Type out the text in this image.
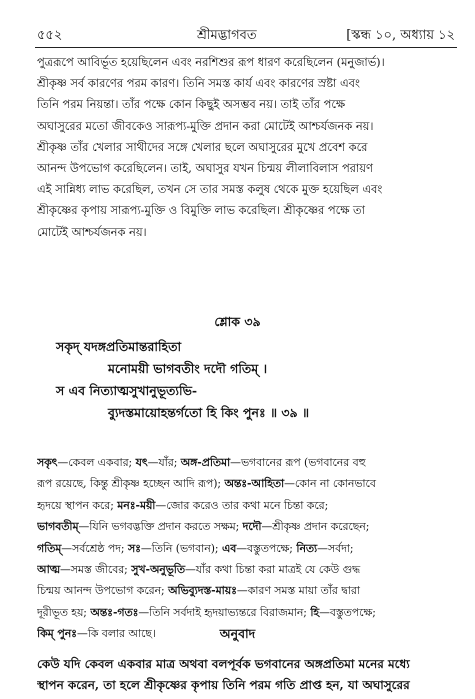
৫৫২	শ্রীমদ্ভাগবত	[স্কন্ধ ১০, অধ্যায় ১২
পুত্ররূপে আবির্ভূত হয়েছিলেন এবং নরশিশুর রূপ ধারণ করেছিলেন (মনুজার্ভ)।
শ্রীকৃষ্ণ সর্ব কারণের পরম কারণ। তিনি সমস্ত কার্য এবং কারণের স্রষ্টা এবং
তিনি পরম নিয়ন্তা। তাঁর পক্ষে কোন কিছুই অসম্ভব নয়। তাই তাঁর পক্ষে
অঘাসুরের মতো জীবকেও সারূপ্য-মুক্তি প্রদান করা মোটেই আশ্চর্যজনক নয়।
শ্রীকৃষ্ণ তাঁর খেলার সাথীদের সঙ্গে খেলার ছলে অঘাসুরের মুখে প্রবেশ করে
আনন্দ উপভোগ করেছিলেন। তাই, অঘাসুর যখন চিন্ময় লীলাবিলাস পরায়ণ
এই সান্নিধ্য লাভ করেছিল, তখন সে তার সমস্ত কলুষ থেকে মুক্ত হয়েছিল এবং
শ্রীকৃষ্ণের কৃপায় সারূপ্য-মুক্তি ও বিমুক্তি লাভ করেছিল। শ্রীকৃষ্ণের পক্ষে তা
মোটেই আশ্চর্যজনক নয়।
শ্লোক ৩৯
সকৃদ্ যদঙ্গপ্রতিমান্তরাহিতা
মনোময়ী ভাগবতীং দদৌ গতিম্ ।
স এব নিত্যাত্মসুখানুভূত্যভি-
ব্যুদস্তমায়োহন্তর্গতো হি কিং পুনঃ ॥ ৩৯ ॥
সকৃৎ—কেবল একবার; যৎ—যাঁর; অঙ্গ-প্রতিমা—ভগবানের রূপ (ভগবানের বহু
রূপ রয়েছে, কিন্তু শ্রীকৃষ্ণ হচ্ছেন আদি রূপ); অন্তঃ-আহিতা—কোন না কোনভাবে
হৃদয়ে স্থাপন করে; মনঃ-ময়ী—জোর করেও তার কথা মনে চিন্তা করে;
ভাগবতীম্—যিনি ভগবদ্ভক্তি প্রদান করতে সক্ষম; দদৌ—শ্রীকৃষ্ণ প্রদান করেছেন;
গতিম্—সর্বশ্রেষ্ঠ পদ; সঃ—তিনি (ভগবান); এব—বস্তুতপক্ষে; নিত্য—সর্বদা;
আত্ম—সমস্ত জীবের; সুখ-অনুভূতি—যাঁর কথা চিন্তা করা মাত্রই যে কেউ গুদ্ধ
চিন্ময় আনন্দ উপভোগ করেন; অভিব্যুদস্ত-মায়ঃ—কারণ সমস্ত মায়া তাঁর দ্বারা
দূরীভূত হয়; অন্তঃ-গতঃ—তিনি সর্বদাই হৃদয়াভ্যন্তরে বিরাজমান; হি—বস্তুতপক্ষে;
কিম্ পুনঃ—কি বলার আছে।	অনুবাদ
কেউ যদি কেবল একবার মাত্র অথবা বলপূর্বক ভগবানের অঙ্গপ্রতিমা মনের মধ্যে
স্থাপন করেন, তা হলে শ্রীকৃষ্ণের কৃপায় তিনি পরম গতি প্রাপ্ত হন, যা অঘাসুরের
